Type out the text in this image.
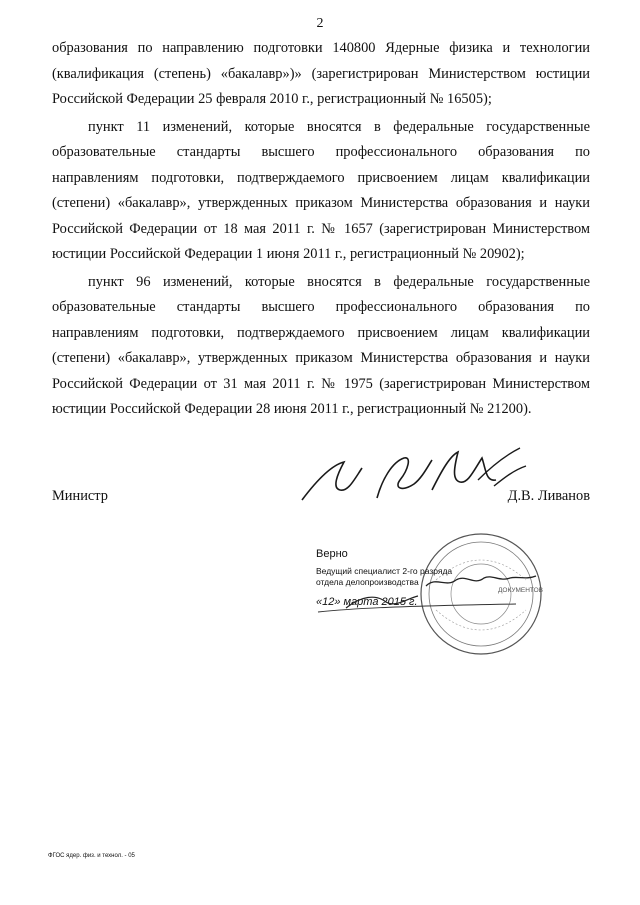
2

образования по направлению подготовки 140800 Ядерные физика и технологии (квалификация (степень) «бакалавр»)» (зарегистрирован Министерством юстиции Российской Федерации 25 февраля 2010 г., регистрационный № 16505);

пункт 11 изменений, которые вносятся в федеральные государственные образовательные стандарты высшего профессионального образования по направлениям подготовки, подтверждаемого присвоением лицам квалификации (степени) «бакалавр», утвержденных приказом Министерства образования и науки Российской Федерации от 18 мая 2011 г. № 1657 (зарегистрирован Министерством юстиции Российской Федерации 1 июня 2011 г., регистрационный № 20902);

пункт 96 изменений, которые вносятся в федеральные государственные образовательные стандарты высшего профессионального образования по направлениям подготовки, подтверждаемого присвоением лицам квалификации (степени) «бакалавр», утвержденных приказом Министерства образования и науки Российской Федерации от 31 мая 2011 г. № 1975 (зарегистрирован Министерством юстиции Российской Федерации 28 июня 2011 г., регистрационный № 21200).

Министр	Д.В. Ливанов
ДОКУМЕНТОВ

Верно

Ведущий специалист 2-го разряда

отдела делопроизводства

«12» марта 2015 г.
ФГОС ядер. физ. и технол. - 05
